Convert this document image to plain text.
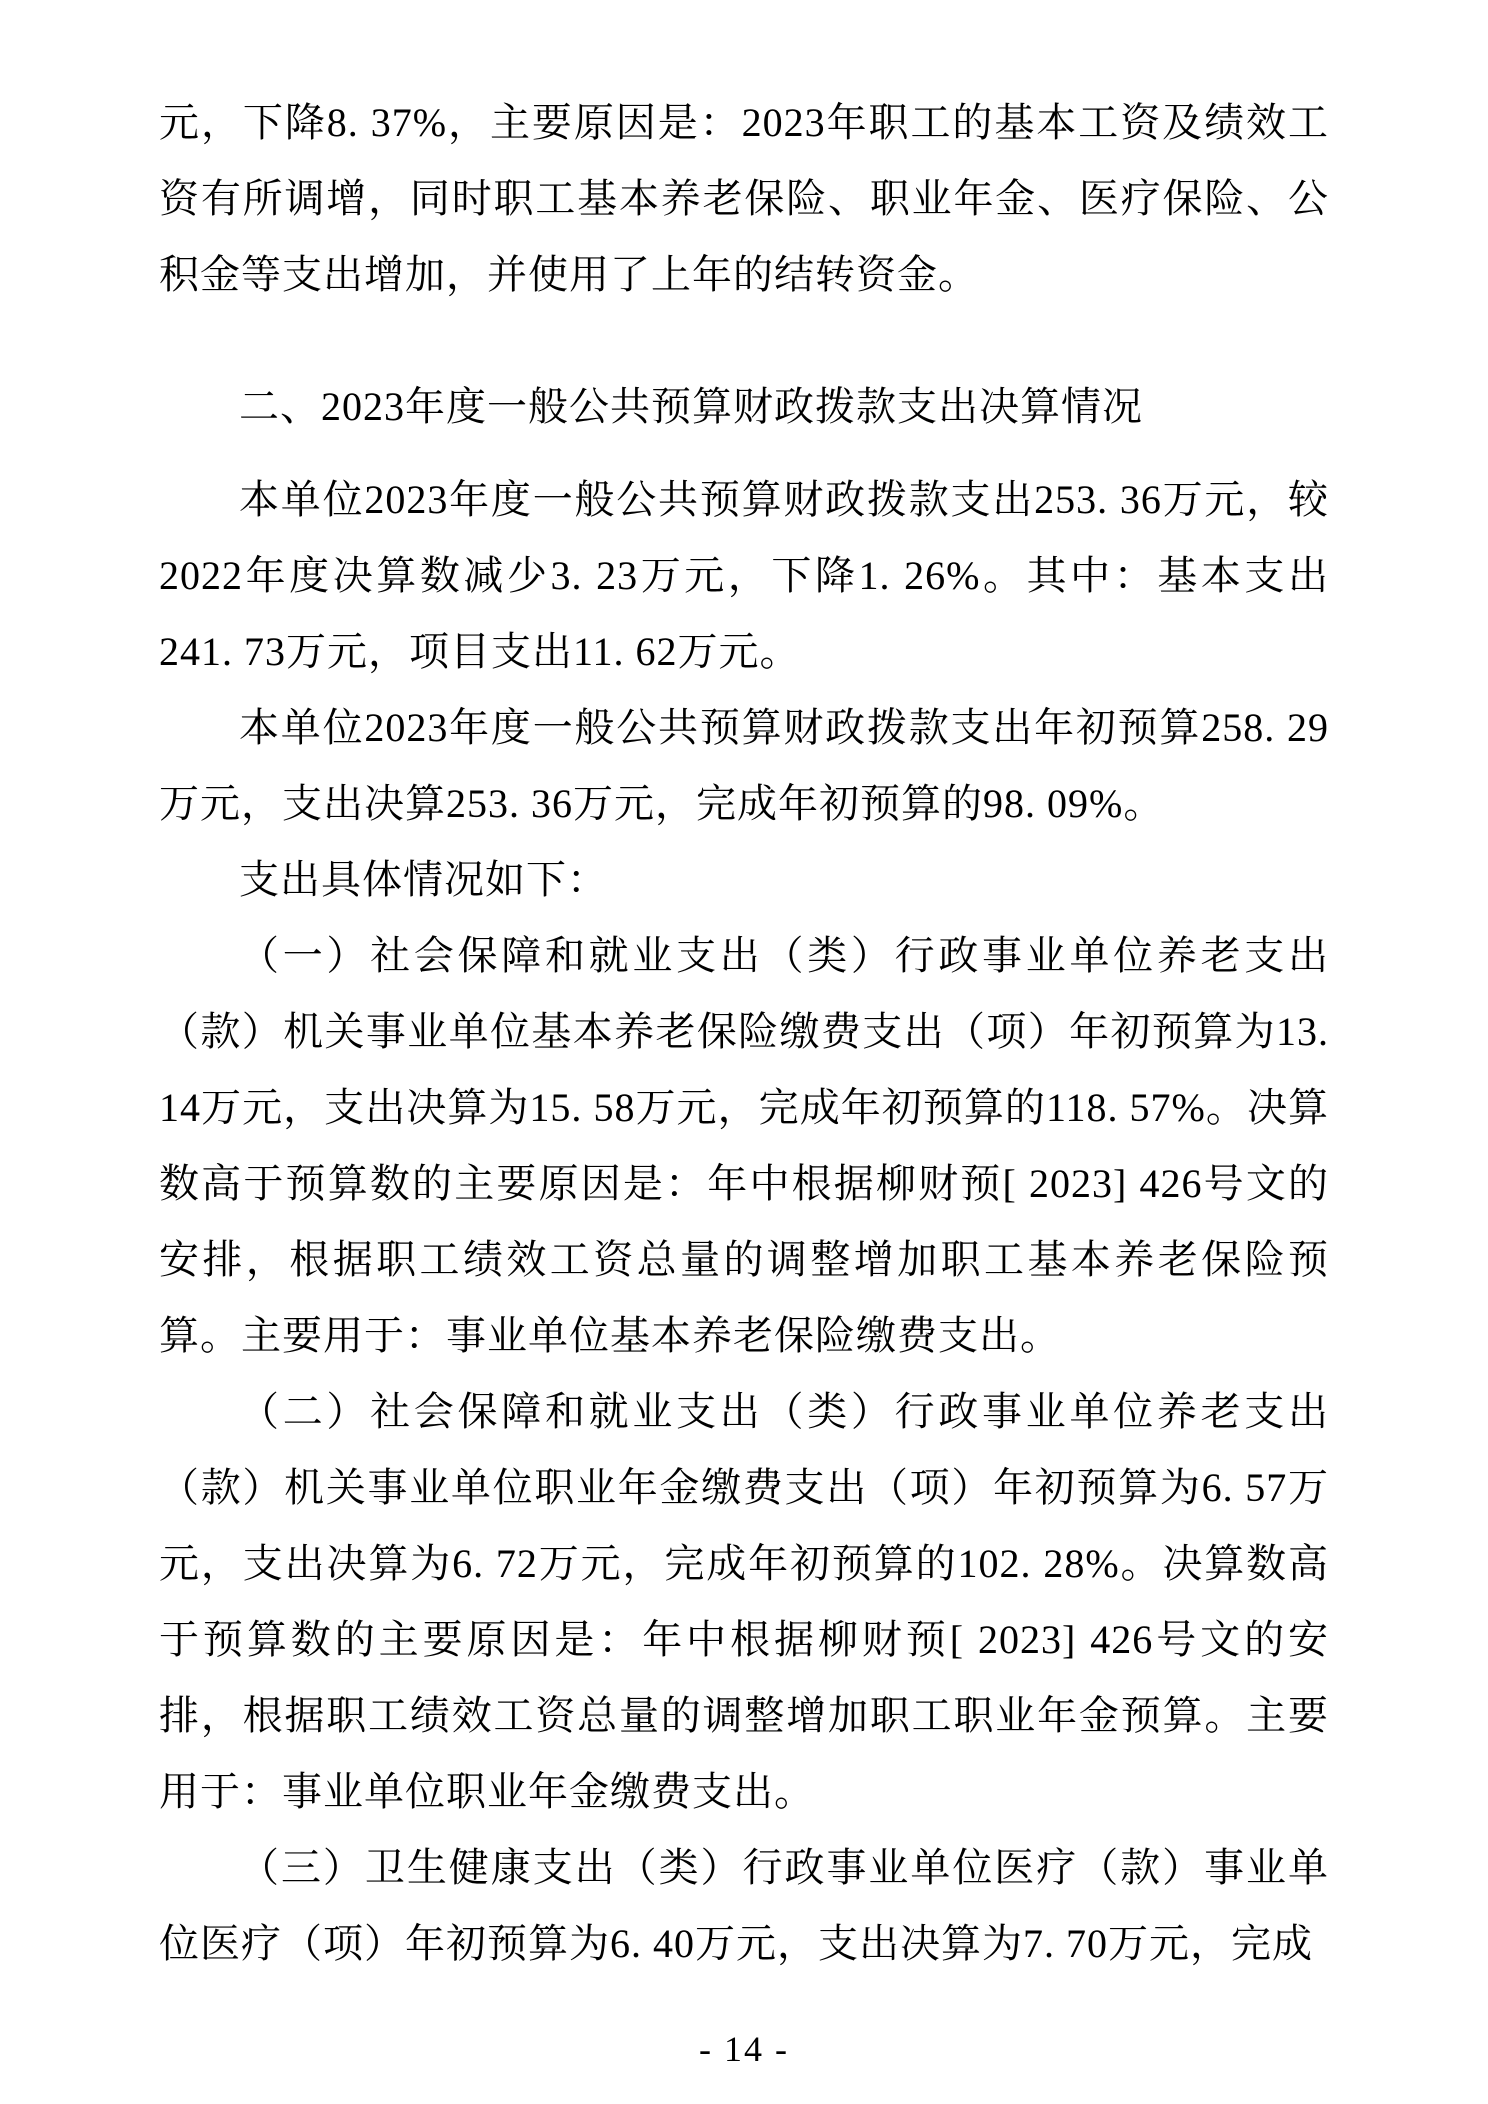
元，下降8. 37%，主要原因是：2023年职工的基本工资及绩效工资有所调增，同时职工基本养老保险、职业年金、医疗保险、公积金等支出增加，并使用了上年的结转资金。

二、2023年度一般公共预算财政拨款支出决算情况

本单位2023年度一般公共预算财政拨款支出253. 36万元，较2022年度决算数减少3. 23万元，下降1. 26%。其中：基本支出241. 73万元，项目支出11. 62万元。

本单位2023年度一般公共预算财政拨款支出年初预算258. 29万元，支出决算253. 36万元，完成年初预算的98. 09%。

支出具体情况如下：

（一）社会保障和就业支出（类）行政事业单位养老支出（款）机关事业单位基本养老保险缴费支出（项）年初预算为13. 14万元，支出决算为15. 58万元，完成年初预算的118. 57%。决算数高于预算数的主要原因是：年中根据柳财预[ 2023] 426号文的安排，根据职工绩效工资总量的调整增加职工基本养老保险预算。主要用于：事业单位基本养老保险缴费支出。

（二）社会保障和就业支出（类）行政事业单位养老支出（款）机关事业单位职业年金缴费支出（项）年初预算为6. 57万元，支出决算为6. 72万元，完成年初预算的102. 28%。决算数高于预算数的主要原因是：年中根据柳财预[ 2023] 426号文的安排，根据职工绩效工资总量的调整增加职工职业年金预算。主要用于：事业单位职业年金缴费支出。

（三）卫生健康支出（类）行政事业单位医疗（款）事业单位医疗（项）年初预算为6. 40万元，支出决算为7. 70万元，完成

- 14 -
